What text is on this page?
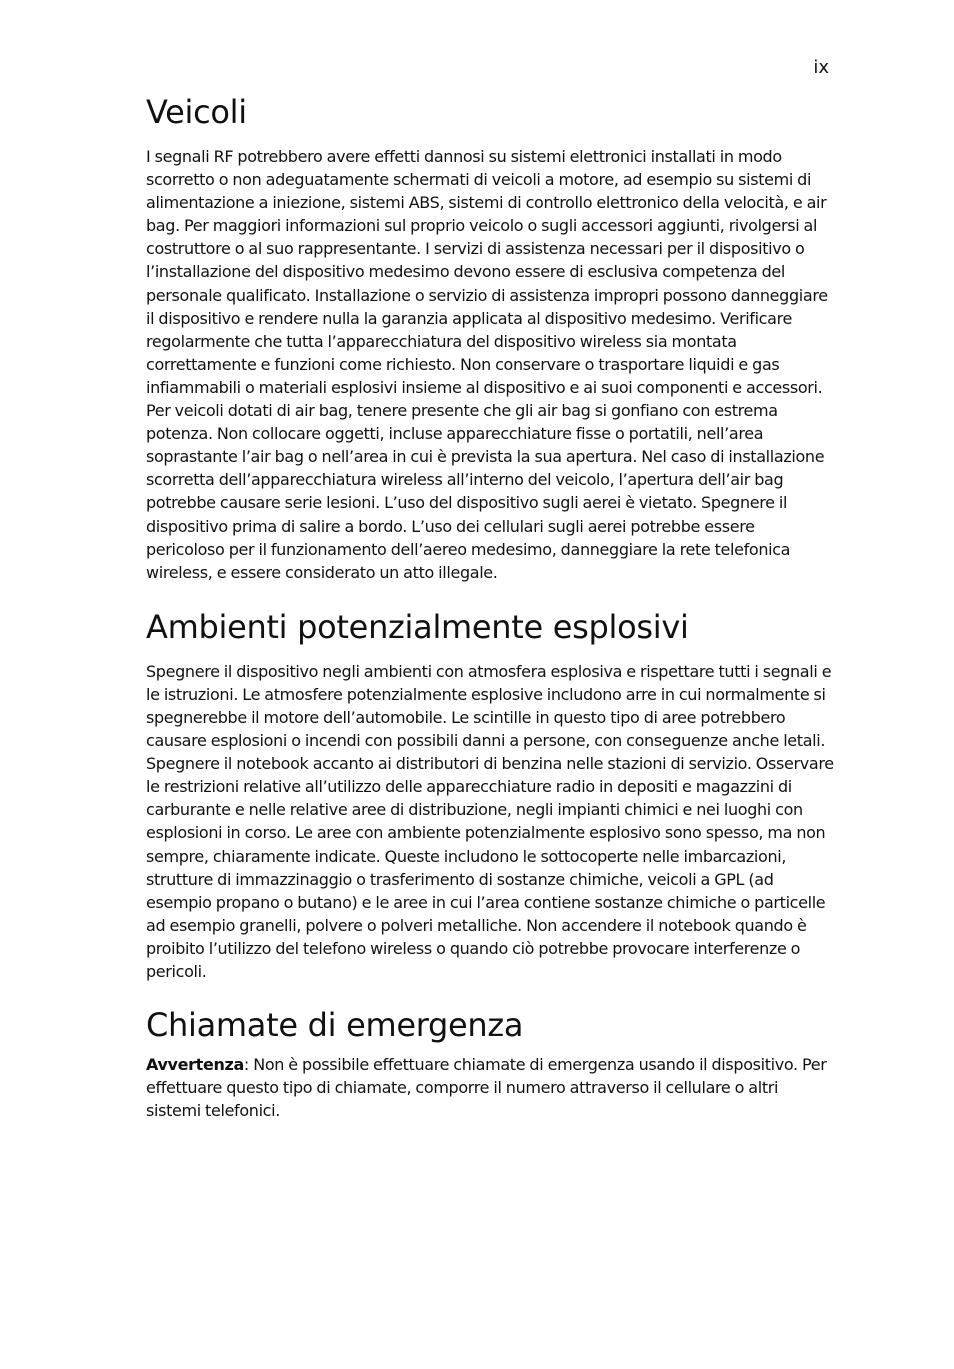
ix
Veicoli

I segnali RF potrebbero avere effetti dannosi su sistemi elettronici installati in modo scorretto o non adeguatamente schermati di veicoli a motore, ad esempio su sistemi di alimentazione a iniezione, sistemi ABS, sistemi di controllo elettronico della velocità, e air bag. Per maggiori informazioni sul proprio veicolo o sugli accessori aggiunti, rivolgersi al costruttore o al suo rappresentante. I servizi di assistenza necessari per il dispositivo o l’installazione del dispositivo medesimo devono essere di esclusiva competenza del personale qualificato. Installazione o servizio di assistenza impropri possono danneggiare il dispositivo e rendere nulla la garanzia applicata al dispositivo medesimo. Verificare regolarmente che tutta l’apparecchiatura del dispositivo wireless sia montata correttamente e funzioni come richiesto. Non conservare o trasportare liquidi e gas infiammabili o materiali esplosivi insieme al dispositivo e ai suoi componenti e accessori. Per veicoli dotati di air bag, tenere presente che gli air bag si gonfiano con estrema potenza. Non collocare oggetti, incluse apparecchiature fisse o portatili, nell’area soprastante l’air bag o nell’area in cui è prevista la sua apertura. Nel caso di installazione scorretta dell’apparecchiatura wireless all’interno del veicolo, l’apertura dell’air bag potrebbe causare serie lesioni. L’uso del dispositivo sugli aerei è vietato. Spegnere il dispositivo prima di salire a bordo. L’uso dei cellulari sugli aerei potrebbe essere pericoloso per il funzionamento dell’aereo medesimo, danneggiare la rete telefonica wireless, e essere considerato un atto illegale.

Ambienti potenzialmente esplosivi

Spegnere il dispositivo negli ambienti con atmosfera esplosiva e rispettare tutti i segnali e le istruzioni. Le atmosfere potenzialmente esplosive includono arre in cui normalmente si spegnerebbe il motore dell’automobile. Le scintille in questo tipo di aree potrebbero causare esplosioni o incendi con possibili danni a persone, con conseguenze anche letali. Spegnere il notebook accanto ai distributori di benzina nelle stazioni di servizio. Osservare le restrizioni relative all’utilizzo delle apparecchiature radio in depositi e magazzini di carburante e nelle relative aree di distribuzione, negli impianti chimici e nei luoghi con esplosioni in corso. Le aree con ambiente potenzialmente esplosivo sono spesso, ma non sempre, chiaramente indicate. Queste includono le sottocoperte nelle imbarcazioni, strutture di immazzinaggio o trasferimento di sostanze chimiche, veicoli a GPL (ad esempio propano o butano) e le aree in cui l’area contiene sostanze chimiche o particelle ad esempio granelli, polvere o polveri metalliche. Non accendere il notebook quando è proibito l’utilizzo del telefono wireless o quando ciò potrebbe provocare interferenze o pericoli.

Chiamate di emergenza

Avvertenza: Non è possibile effettuare chiamate di emergenza usando il dispositivo. Per effettuare questo tipo di chiamate, comporre il numero attraverso il cellulare o altri sistemi telefonici.
